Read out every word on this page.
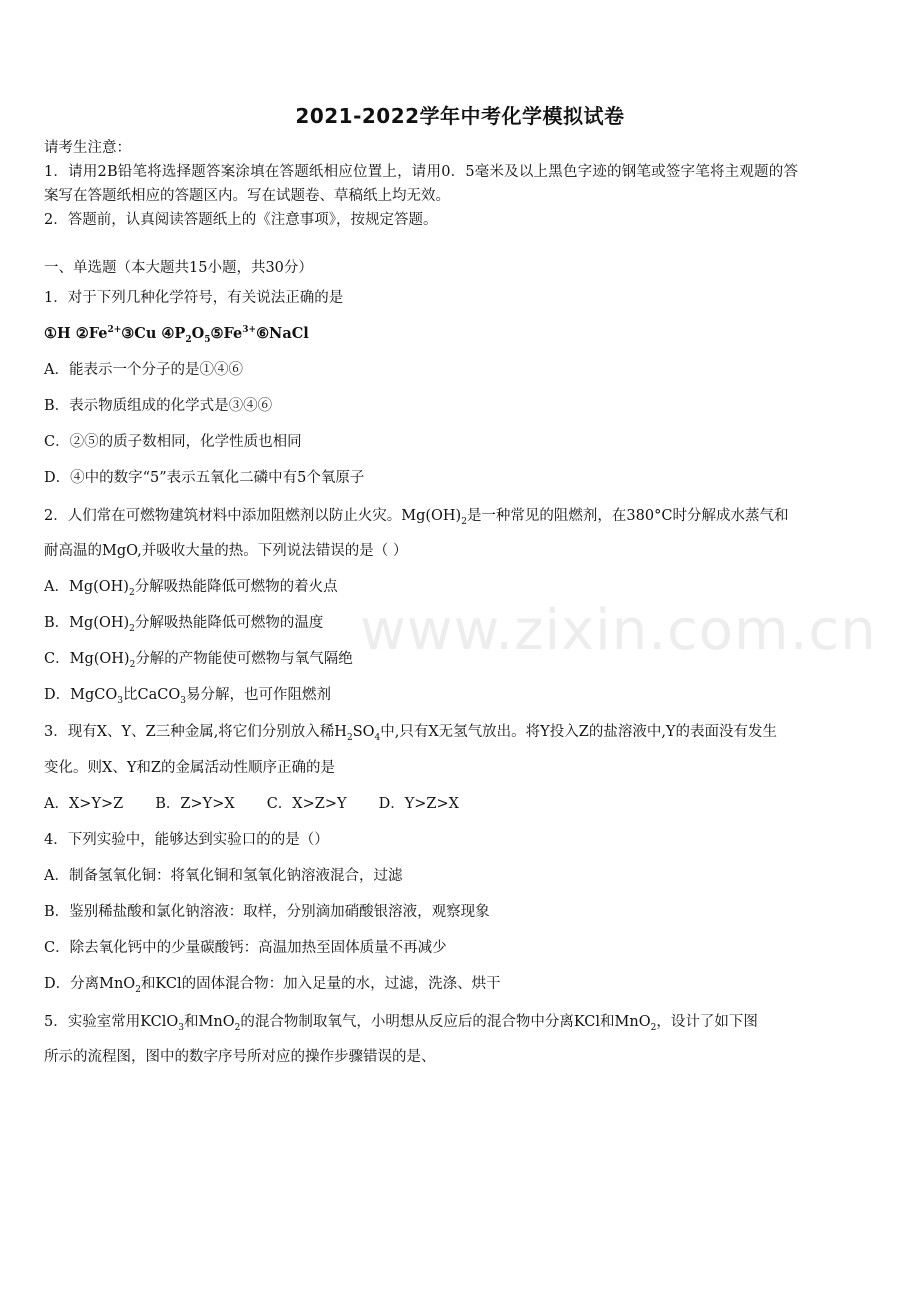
2021-2022学年中考化学模拟试卷
请考生注意：
1．请用2B铅笔将选择题答案涂填在答题纸相应位置上，请用0．5毫米及以上黑色字迹的钢笔或签字笔将主观题的答
案写在答题纸相应的答题区内。写在试题卷、草稿纸上均无效。
2．答题前，认真阅读答题纸上的《注意事项》，按规定答题。
一、单选题（本大题共15小题，共30分）
1．对于下列几种化学符号，有关说法正确的是
①H $②Fe^{2+}③Cu$ $④P_2O_5⑤Fe^{3+}⑥NaCl$
A．能表示一个分子的是①④⑥
B．表示物质组成的化学式是③④⑥
C．②⑤的质子数相同，化学性质也相同
D．④中的数字“5”表示五氧化二磷中有5个氧原子
2．人们常在可燃物建筑材料中添加阻燃剂以防止火灾。$Mg(OH)_2$是一种常见的阻燃剂，在380°C时分解成水蒸气和
耐高温的MgO,并吸收大量的热。下列说法错误的是（ ）
A．$Mg(OH)_2$分解吸热能降低可燃物的着火点
B．$Mg(OH)_2$分解吸热能降低可燃物的温度
C．$Mg(OH)_2$分解的产物能使可燃物与氧气隔绝
D．MgCO$_3$比CaCO$_3$易分解，也可作阻燃剂
3．现有X、Y、Z三种金属,将它们分别放入稀$H_2SO_4$中,只有X无氢气放出。将Y投入Z的盐溶液中,Y的表面没有发生
变化。则X、Y和Z的金属活动性顺序正确的是
A．X>Y>Z B．Z>Y>X C．X>Z>Y D．Y>Z>X
4．下列实验中，能够达到实验口的的是（）
A．制备氢氧化铜：将氧化铜和氢氧化钠溶液混合，过滤
B．鉴别稀盐酸和氯化钠溶液：取样，分别滴加硝酸银溶液，观察现象
C．除去氧化钙中的少量碳酸钙：高温加热至固体质量不再减少
D．分离MnO$_2$和KCl的固体混合物：加入足量的水，过滤，洗涤、烘干
5．实验室常用KClO$_3$和MnO$_2$的混合物制取氧气，小明想从反应后的混合物中分离KCl和MnO$_2$，设计了如下图
所示的流程图，图中的数字序号所对应的操作步骤错误的是、
www.zixin.com.cn
